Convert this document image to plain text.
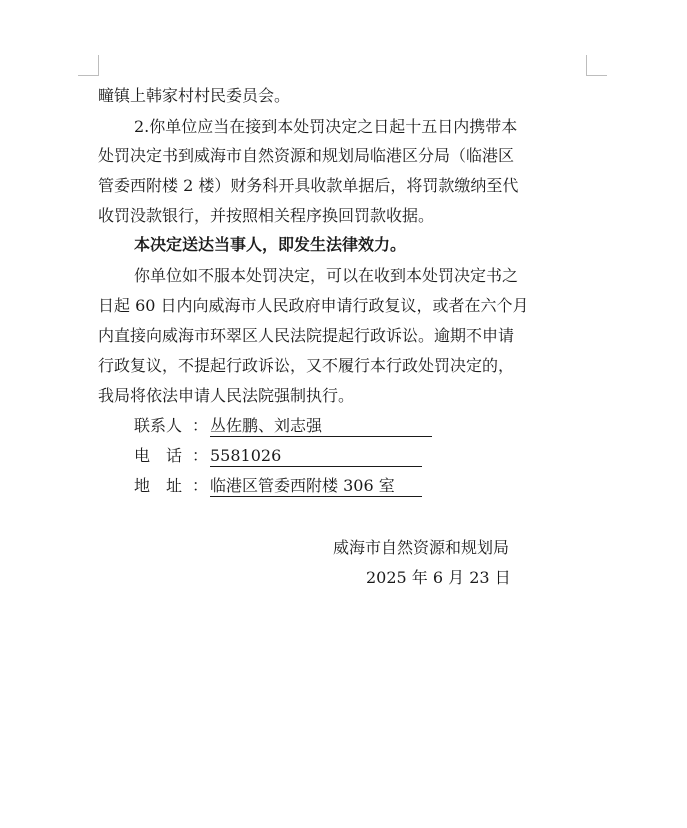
疃镇上韩家村村民委员会。
2.你单位应当在接到本处罚决定之日起十五日内携带本
处罚决定书到威海市自然资源和规划局临港区分局（临港区
管委西附楼 2 楼）财务科开具收款单据后，将罚款缴纳至代
收罚没款银行，并按照相关程序换回罚款收据。
本决定送达当事人，即发生法律效力。
你单位如不服本处罚决定，可以在收到本处罚决定书之
日起 60 日内向威海市人民政府申请行政复议，或者在六个月
内直接向威海市环翠区人民法院提起行政诉讼。逾期不申请
行政复议，不提起行政诉讼，又不履行本行政处罚决定的，
我局将依法申请人民法院强制执行。
联系人 ： 丛佐鹏、刘志强
电　话 ： 5581026
地　址 ： 临港区管委西附楼 306 室
威海市自然资源和规划局
2025 年 6 月 23 日
